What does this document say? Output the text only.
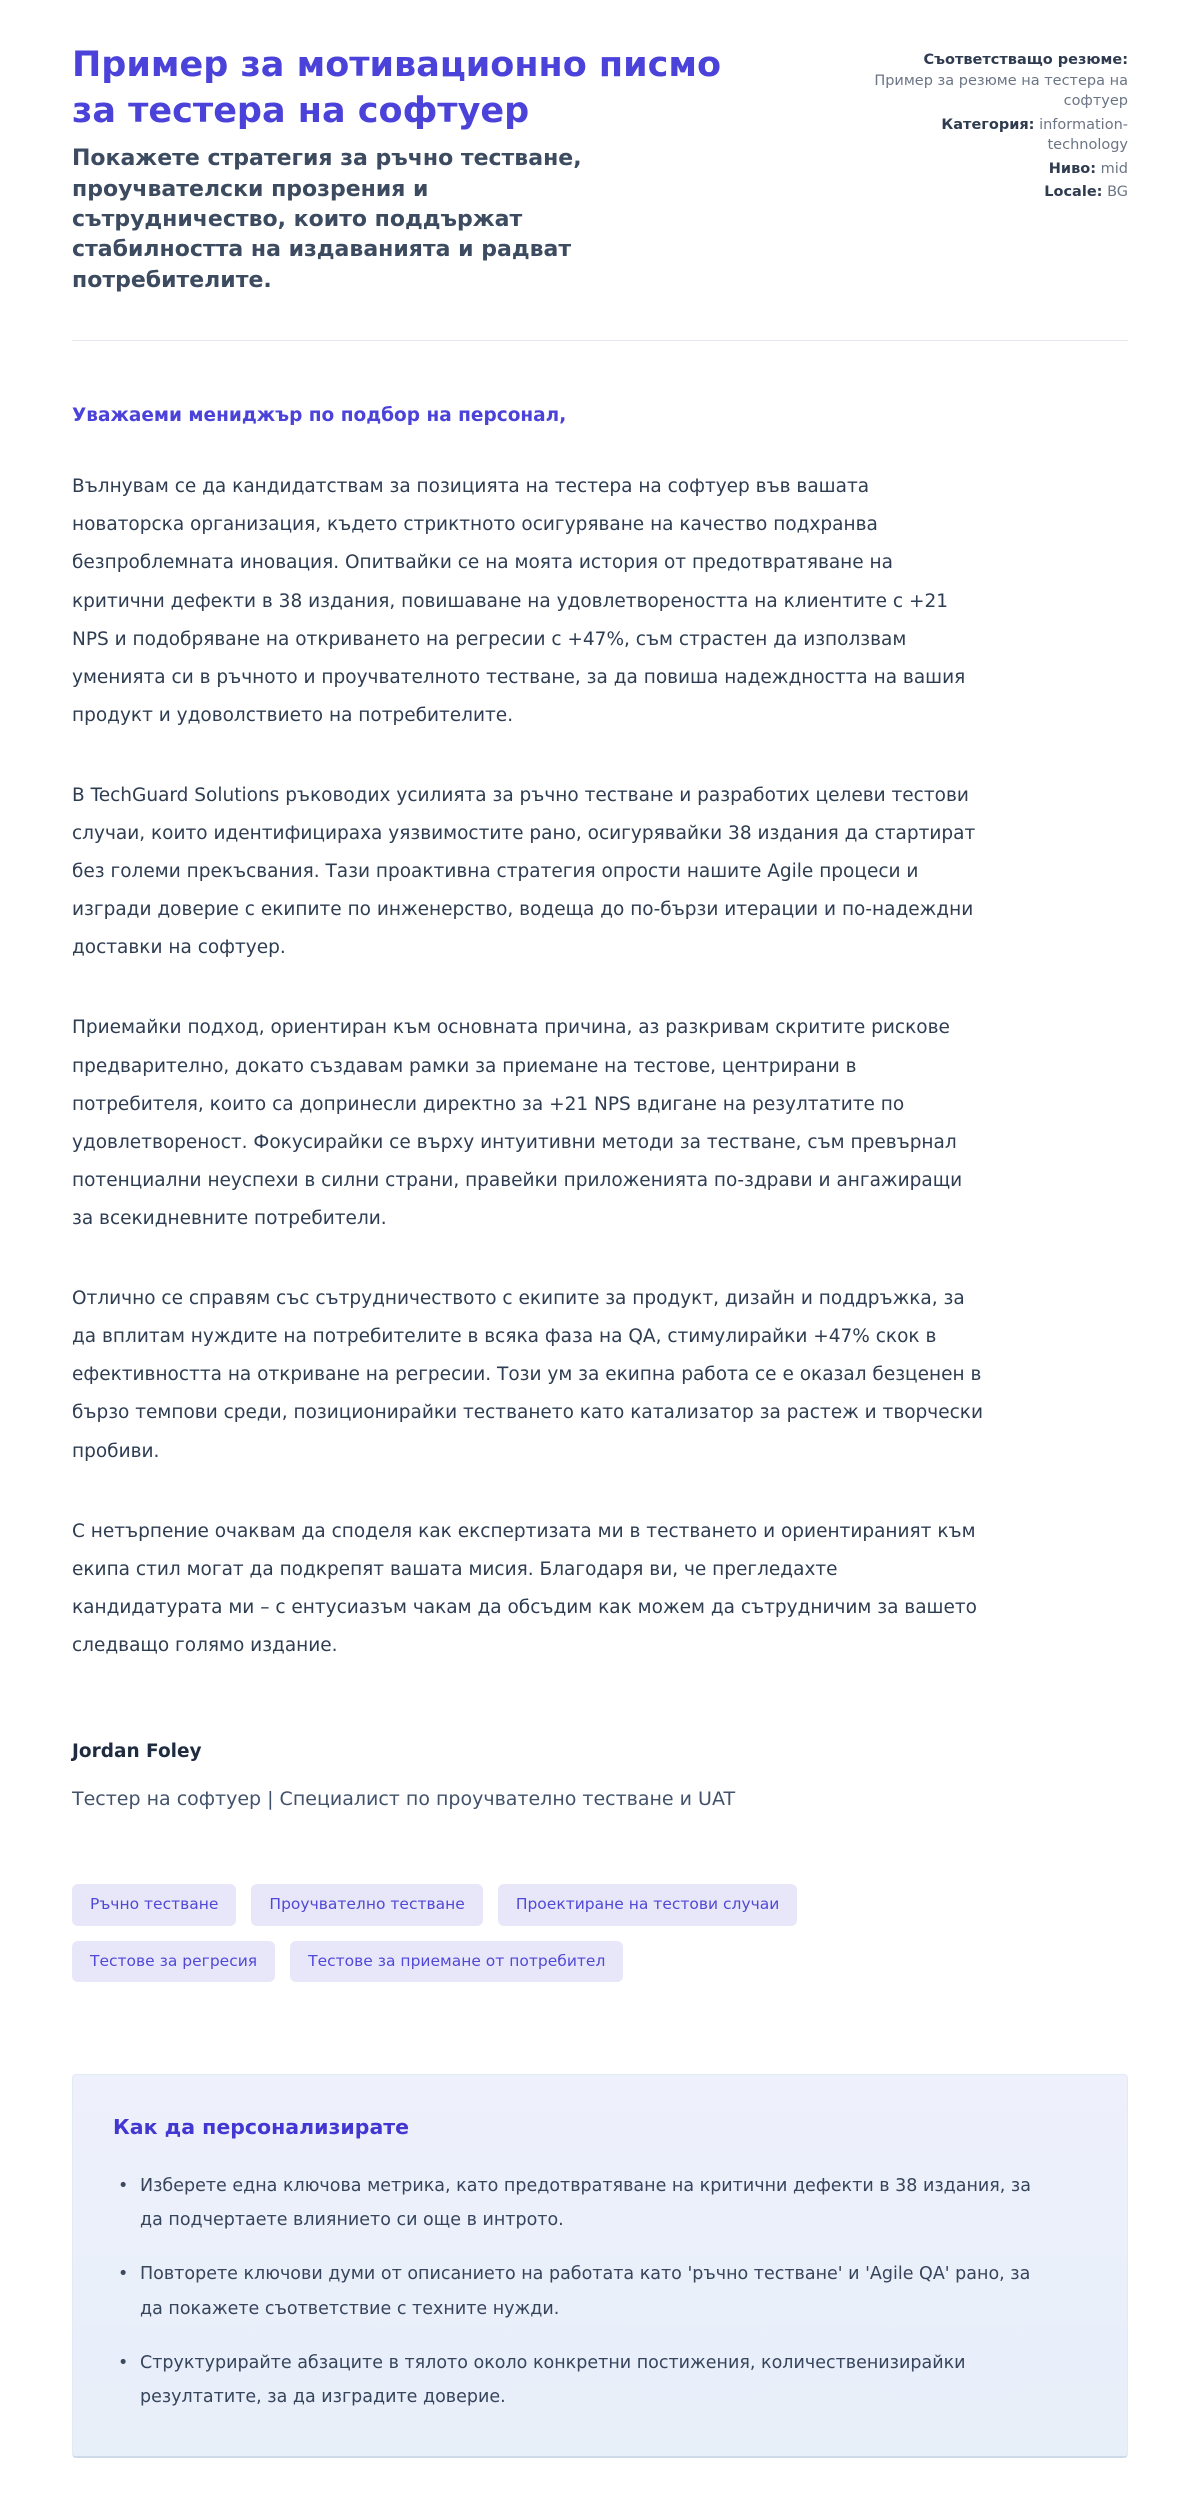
Пример за мотивационно писмо за тестера на софтуер

Покажете стратегия за ръчно тестване, проучвателски прозрения и сътрудничество, които поддържат стабилността на издаванията и радват потребителите.

Съответстващо резюме: Пример за резюме на тестера на софтуер
Категория: information-technology
Ниво: mid
Locale: BG

Уважаеми мениджър по подбор на персонал,

Вълнувам се да кандидатствам за позицията на тестера на софтуер във вашата новаторска организация, където стриктното осигуряване на качество подхранва безпроблемната иновация. Опитвайки се на моята история от предотвратяване на критични дефекти в 38 издания, повишаване на удовлетвореността на клиентите с +21 NPS и подобряване на откриването на регресии с +47%, съм страстен да използвам уменията си в ръчното и проучвателното тестване, за да повиша надеждността на вашия продукт и удоволствието на потребителите.

В TechGuard Solutions ръководих усилията за ръчно тестване и разработих целеви тестови случаи, които идентифицираха уязвимостите рано, осигурявайки 38 издания да стартират без големи прекъсвания. Тази проактивна стратегия опрости нашите Agile процеси и изгради доверие с екипите по инженерство, водеща до по-бързи итерации и по-надеждни доставки на софтуер.

Приемайки подход, ориентиран към основната причина, аз разкривам скритите рискове предварително, докато създавам рамки за приемане на тестове, центрирани в потребителя, които са допринесли директно за +21 NPS вдигане на резултатите по удовлетвореност. Фокусирайки се върху интуитивни методи за тестване, съм превърнал потенциални неуспехи в силни страни, правейки приложенията по-здрави и ангажиращи за всекидневните потребители.

Отлично се справям със сътрудничеството с екипите за продукт, дизайн и поддръжка, за да вплитам нуждите на потребителите в всяка фаза на QA, стимулирайки +47% скок в ефективността на откриване на регресии. Този ум за екипна работа се е оказал безценен в бързо темпови среди, позиционирайки тестването като катализатор за растеж и творчески пробиви.

С нетърпение очаквам да споделя как експертизата ми в тестването и ориентираният към екипа стил могат да подкрепят вашата мисия. Благодаря ви, че прегледахте кандидатурата ми – с ентусиазъм чакам да обсъдим как можем да сътрудничим за вашето следващо голямо издание.

Jordan Foley

Тестер на софтуер | Специалист по проучвателно тестване и UAT

Ръчно тестване	Проучвателно тестване	Проектиране на тестови случаи
Тестове за регресия	Тестове за приемане от потребител
Как да персонализирате
• Изберете една ключова метрика, като предотвратяване на критични дефекти в 38 издания, за да подчертаете влиянието си още в интрото.
• Повторете ключови думи от описанието на работата като 'ръчно тестване' и 'Agile QA' рано, за да покажете съответствие с техните нужди.
• Структурирайте абзаците в тялото около конкретни постижения, количественизирайки резултатите, за да изградите доверие.
